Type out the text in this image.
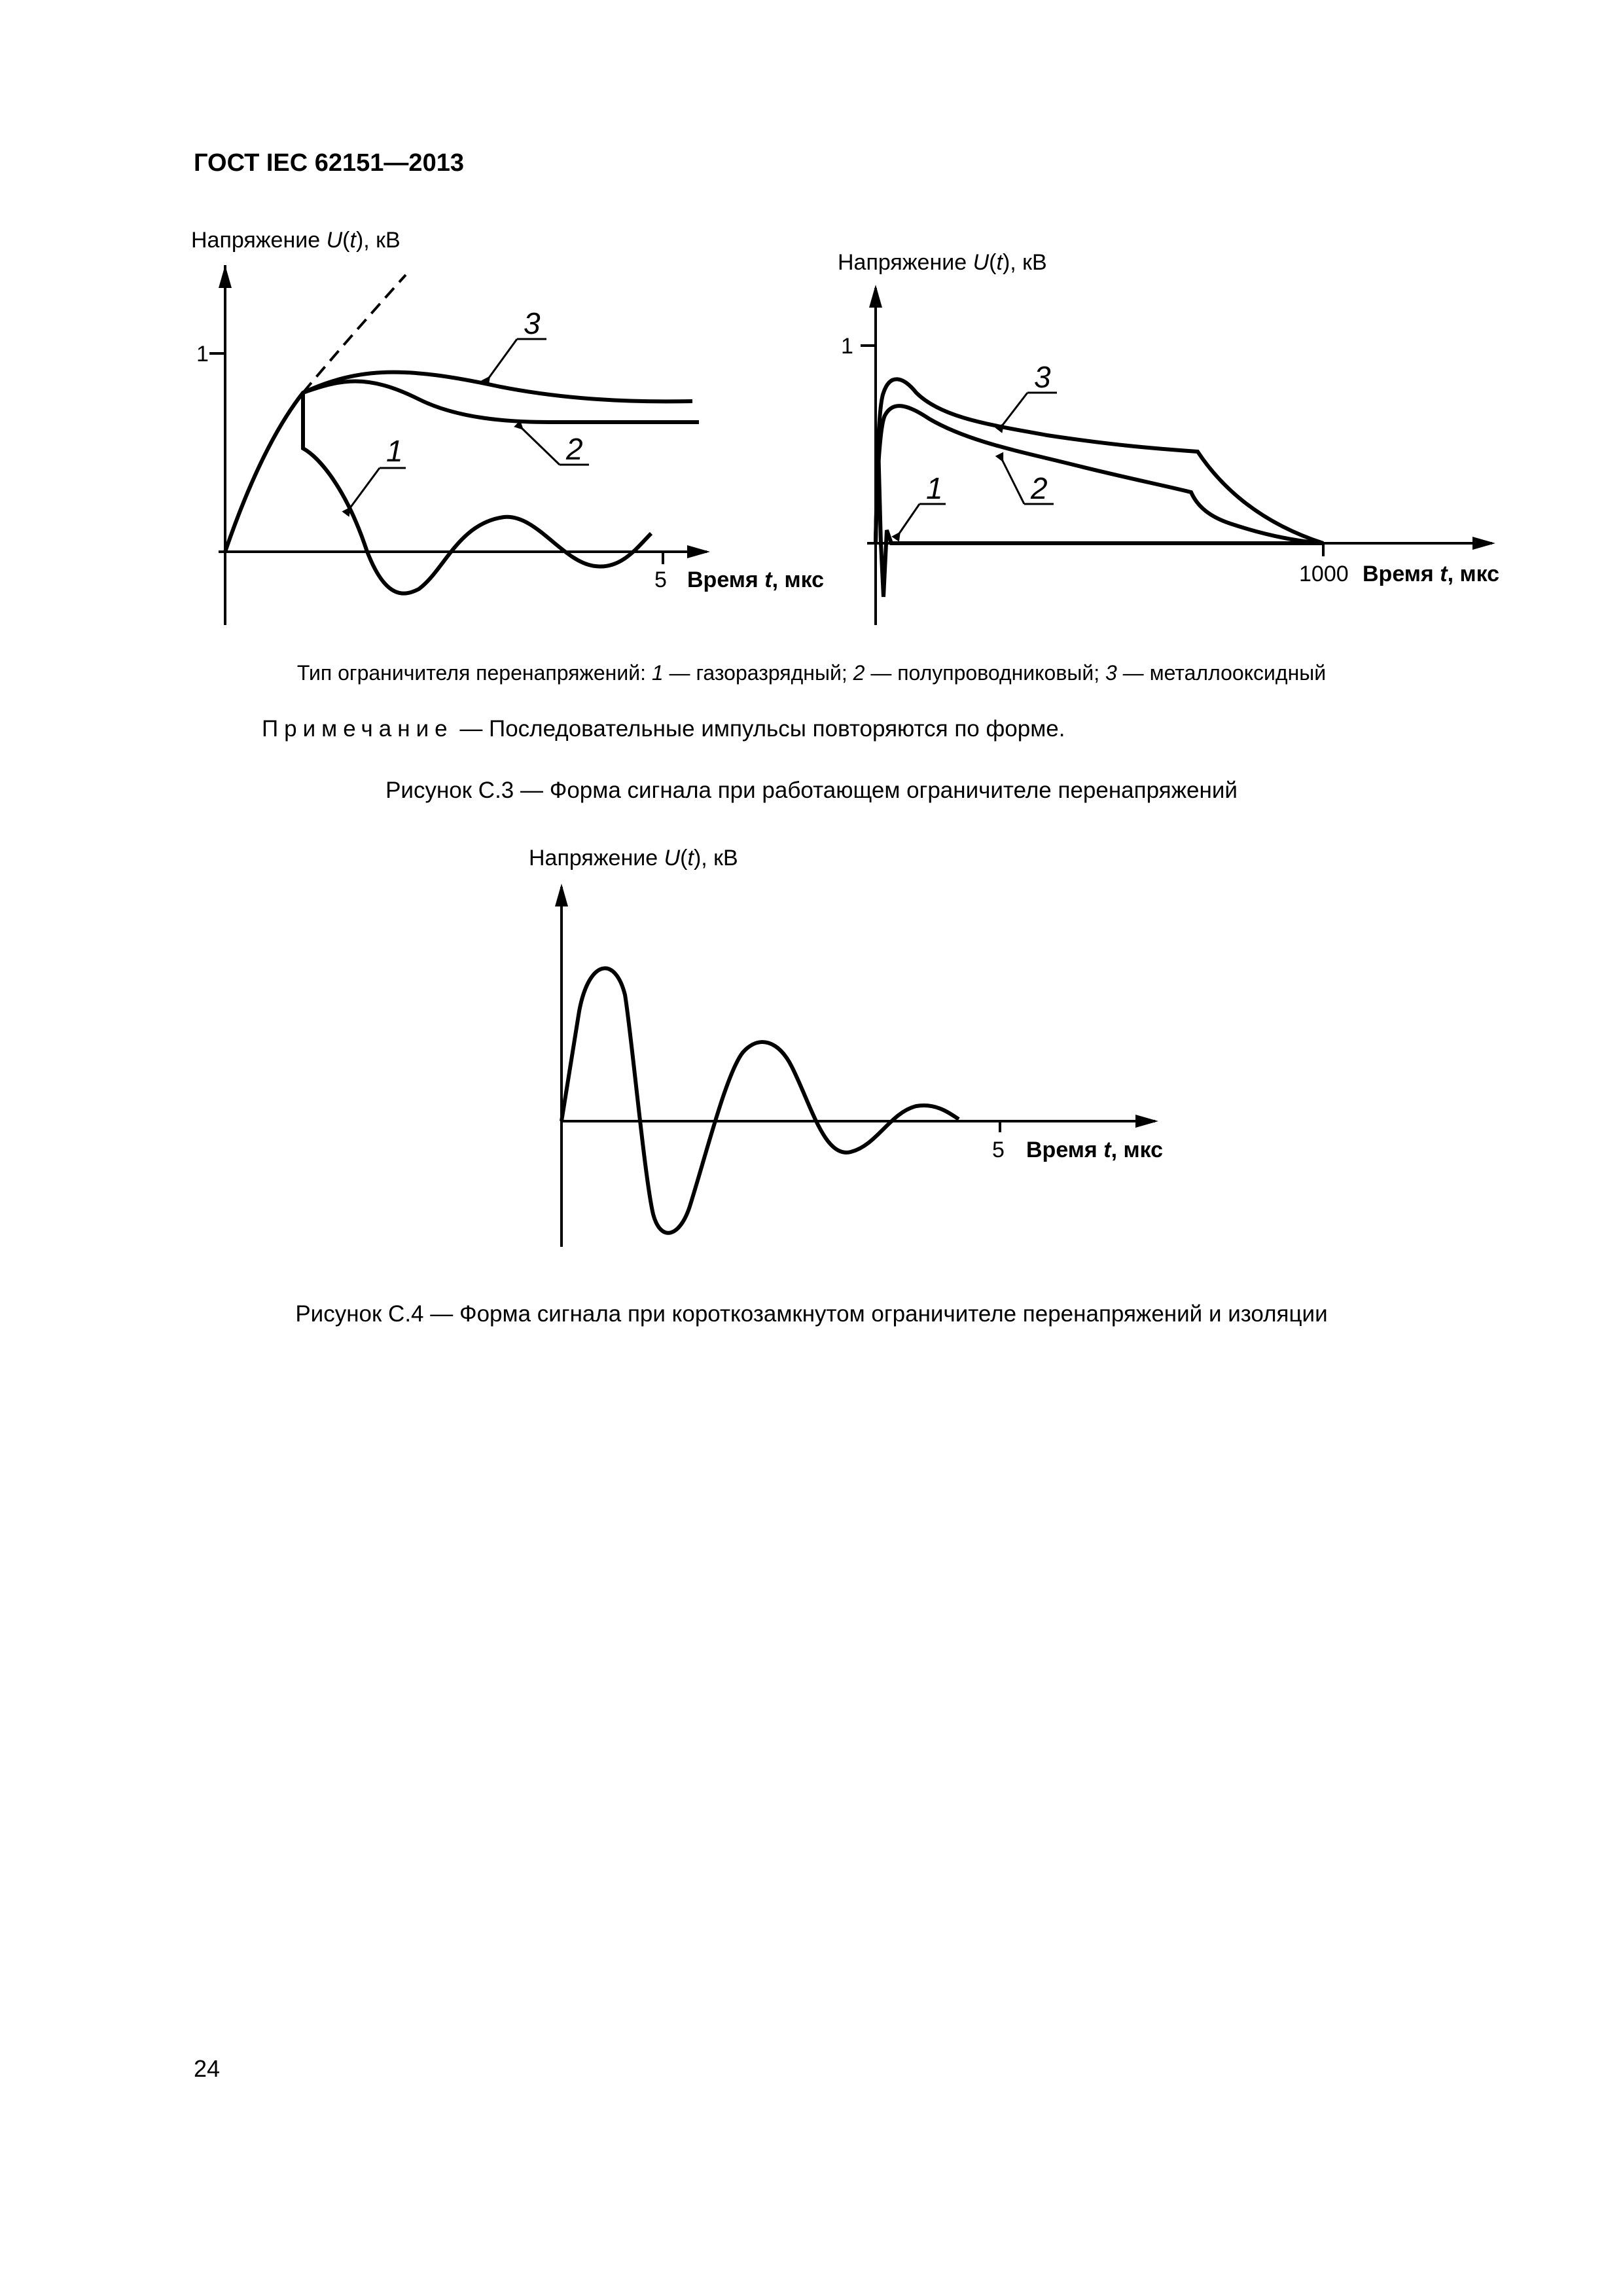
ГОСТ IEC 62151—2013
Напряжение U(t), кВ
1
5 Время t, мкс
3
2
1
Напряжение U(t), кВ
1
1000 Время t, мкс
3
2
1
Тип ограничителя перенапряжений: 1 — газоразрядный; 2 — полупроводниковый; 3 — металлооксидный
Примечание — Последовательные импульсы повторяются по форме.
Рисунок С.3 — Форма сигнала при работающем ограничителе перенапряжений
Напряжение U(t), кВ
5 Время t, мкс
Рисунок С.4 — Форма сигнала при короткозамкнутом ограничителе перенапряжений и изоляции
24
